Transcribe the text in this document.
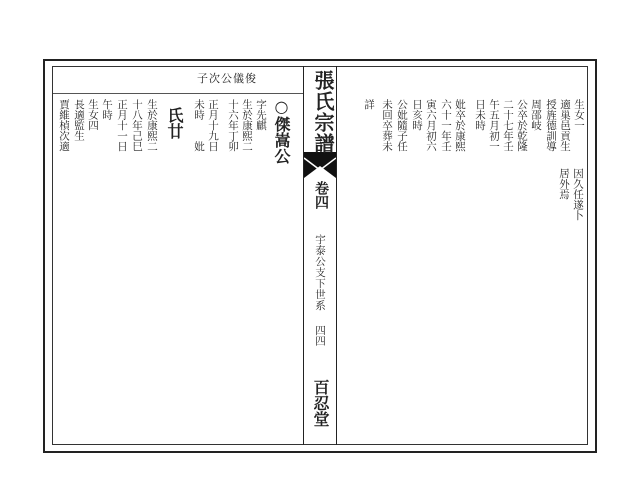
張氏宗譜
卷四
宇泰公支下世系
四四
百忍堂
子次公儀俊
○傑嵩公
字先麒
生於康熙二
十六年丁卯
正月十九日
未時　　妣
氏廿
生於康熙二
十八年己巳
正月十一日
午時
生女四
長適監生
賈維楨次適	生女一
適巢邑貢生
授旌德訓導
周邵岐
公卒於乾隆
二十七年壬
午五月初一
日未時
妣卒於康熙
六十一年壬
寅六月初六
日亥時
公妣隨子任
未回卒葬未
詳
因久任遂卜
居外焉
